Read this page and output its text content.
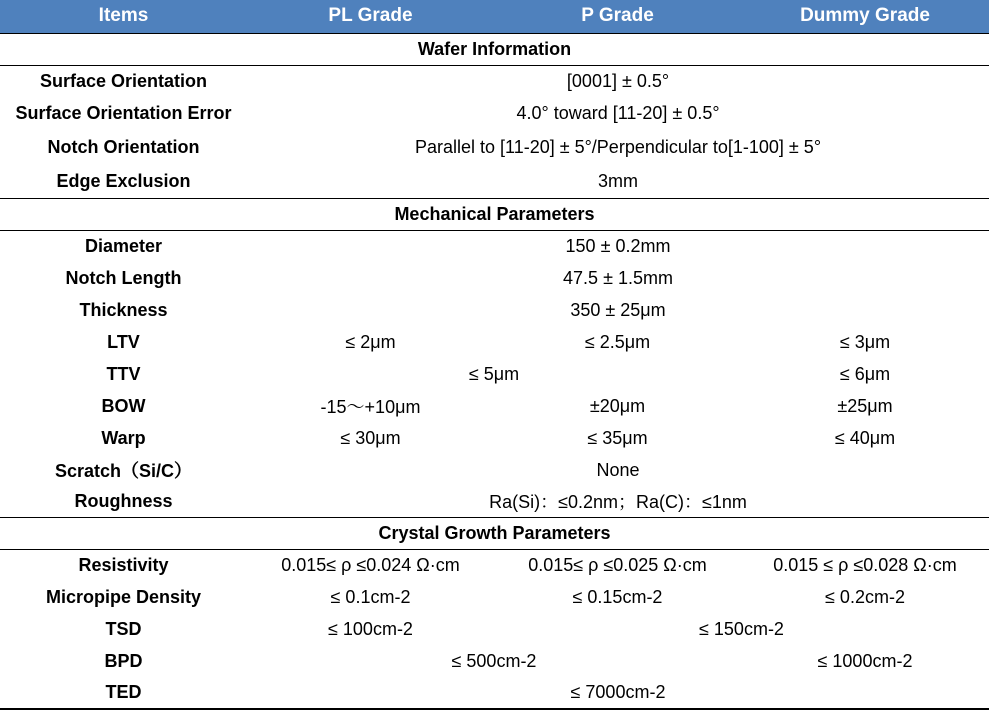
Items	PL Grade	P Grade	Dummy Grade
Wafer Information			
Surface Orientation	[0001] ± 0.5°		
Surface Orientation Error	4.0° toward [11-20] ± 0.5°		
Notch Orientation	Parallel to [11-20] ± 5°/Perpendicular to[1-100] ± 5°		
Edge Exclusion	3mm		
Mechanical Parameters			
Diameter	150 ± 0.2mm		
Notch Length	47.5 ± 1.5mm		
Thickness	350 ± 25μm		
LTV	≤ 2μm	≤ 2.5μm	≤ 3μm
TTV	≤ 5μm		≤ 6μm
BOW	-15～+10μm	±20μm	±25μm
Warp	≤ 30μm	≤ 35μm	≤ 40μm
Scratch（Si/C）	None		
Roughness	Ra(Si)：≤0.2nm；Ra(C)：≤1nm		
Crystal Growth Parameters			
Resistivity	0.015≤ ρ ≤0.024 Ω·cm	0.015≤ ρ ≤0.025 Ω·cm	0.015 ≤ ρ ≤0.028 Ω·cm
Micropipe Density	≤ 0.1cm-2	≤ 0.15cm-2	≤ 0.2cm-2
TSD	≤ 100cm-2	≤ 150cm-2	
BPD	≤ 500cm-2		≤ 1000cm-2
TED	≤ 7000cm-2		
